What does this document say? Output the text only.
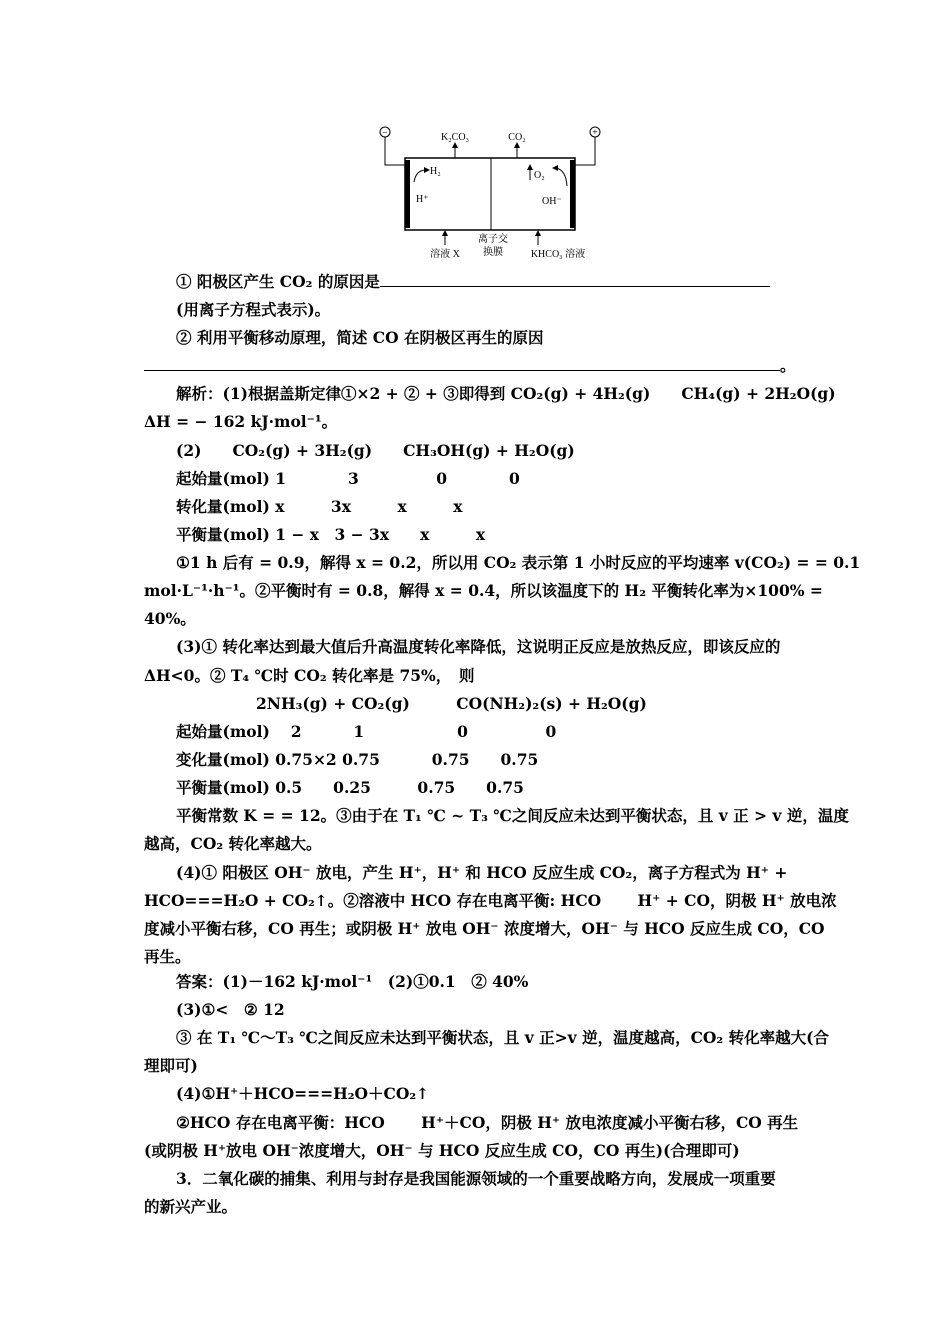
−	+
K₂CO₃	CO₂
H₂
H⁺
O₂
OH⁻
溶液 X
离子交
换膜	KHCO₃ 溶液
① 阳极区产生 CO₂ 的原因是
(用离子方程式表示)。
② 利用平衡移动原理，简述 CO 在阴极区再生的原因
。
解析：(1)根据盖斯定律①×2 + ② + ③即得到 CO₂(g) + 4H₂(g)　　CH₄(g) + 2H₂O(g)
ΔH = − 162 kJ·mol⁻¹。
(2)　　CO₂(g) + 3H₂(g)　　CH₃OH(g) + H₂O(g)
起始量(mol) 1　　　　3　　　　　0　　　　0
转化量(mol) x　　　3x　　　x　　　x
平衡量(mol) 1 − x　3 − 3x　　x　　　x
①1 h 后有 = 0.9，解得 x = 0.2，所以用 CO₂ 表示第 1 小时反应的平均速率 v(CO₂) = = 0.1
mol·L⁻¹·h⁻¹。②平衡时有 = 0.8，解得 x = 0.4，所以该温度下的 H₂ 平衡转化率为×100% =
40%。
(3)① 转化率达到最大值后升高温度转化率降低，这说明正反应是放热反应，即该反应的
ΔH<0。② T₄ ℃时 CO₂ 转化率是 75%，　则
2NH₃(g) + CO₂(g)　　　CO(NH₂)₂(s) + H₂O(g)
起始量(mol)　 2　　　 1　　　　　　0　　　　　0
变化量(mol) 0.75×2 0.75　　　 0.75　　0.75
平衡量(mol) 0.5　　0.25　　　0.75　　0.75
平衡常数 K = = 12。③由于在 T₁ ℃ ~ T₃ ℃之间反应未达到平衡状态，且 v 正 > v 逆，温度
越高，CO₂ 转化率越大。
(4)① 阳极区 OH⁻ 放电，产生 H⁺，H⁺ 和 HCO 反应生成 CO₂，离子方程式为 H⁺ +
HCO===H₂O + CO₂↑。②溶液中 HCO 存在电离平衡: HCO　　 H⁺ + CO，阴极 H⁺ 放电浓
度减小平衡右移，CO 再生；或阴极 H⁺ 放电 OH⁻ 浓度增大，OH⁻ 与 HCO 反应生成 CO，CO
再生。
答案：(1)－162 kJ·mol⁻¹　(2)①0.1　② 40%
(3)①<　② 12
③ 在 T₁ ℃～T₃ ℃之间反应未达到平衡状态，且 v 正>v 逆，温度越高，CO₂ 转化率越大(合
理即可)
(4)①H⁺＋HCO===H₂O＋CO₂↑
②HCO 存在电离平衡：HCO　　 H⁺＋CO，阴极 H⁺ 放电浓度减小平衡右移，CO 再生
(或阴极 H⁺放电 OH⁻浓度增大，OH⁻ 与 HCO 反应生成 CO，CO 再生)(合理即可)
3．二氧化碳的捕集、利用与封存是我国能源领域的一个重要战略方向，发展成一项重要
的新兴产业。
